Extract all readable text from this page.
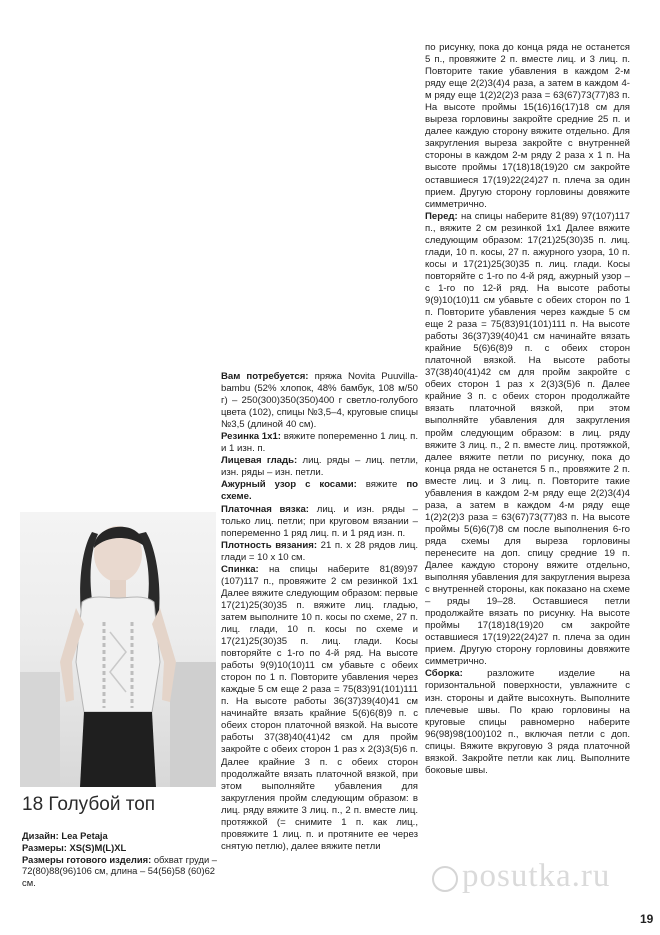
по рисунку, пока до конца ряда не останется 5 п., провяжите 2 п. вместе лиц. и 3 лиц. п. Повторите такие убавления в каждом 2-м ряду еще 2(2)3(4)4 раза, а затем в каждом 4-м ряду еще 1(2)2(2)3 раза = 63(67)73(77)83 п. На высоте проймы 15(16)16(17)18 см для выреза горловины закройте средние 25 п. и далее каждую сторону вяжите отдельно. Для закругления выреза закройте с внутренней стороны в каждом 2-м ряду 2 раза х 1 п. На высоте проймы 17(18)18(19)20 см закройте оставшиеся 17(19)22(24)27 п. плеча за один прием. Другую сторону горловины довяжите симметрично.

Перед: на спицы наберите 81(89) 97(107)117 п., вяжите 2 см резинкой 1х1 Далее вяжите следующим образом: 17(21)25(30)35 п. лиц. глади, 10 п. косы, 27 п. ажурного узора, 10 п. косы и 17(21)25(30)35 п. лиц. глади. Косы повторяйте с 1-го по 4-й ряд, ажурный узор – с 1-го по 12-й ряд. На высоте работы 9(9)10(10)11 см убавьте с обеих сторон по 1 п. Повторите убавления через каждые 5 см еще 2 раза = 75(83)91(101)111 п. На высоте работы 36(37)39(40)41 см начинайте вязать крайние 5(6)6(8)9 п. с обеих сторон платочной вязкой. На высоте работы 37(38)40(41)42 см для пройм закройте с обеих сторон 1 раз х 2(3)3(5)6 п. Далее крайние 3 п. с обеих сторон продолжайте вязать платочной вязкой, при этом выполняйте убавления для закругления пройм следующим образом: в лиц. ряду вяжите 3 лиц. п., 2 п. вместе лиц. протяжкой, далее вяжите петли по рисунку, пока до конца ряда не останется 5 п., провяжите 2 п. вместе лиц. и 3 лиц. п. Повторите такие убавления в каждом 2-м ряду еще 2(2)3(4)4 раза, а затем в каждом 4-м ряду еще 1(2)2(2)3 раза = 63(67)73(77)83 п. На высоте проймы 5(6)6(7)8 см после выполнения 6-го ряда схемы для выреза горловины перенесите на доп. спицу средние 19 п. Далее каждую сторону вяжите отдельно, выполняя убавления для закругления выреза с внутренней стороны, как показано на схеме – ряды 19–28. Оставшиеся петли продолжайте вязать по рисунку. На высоте проймы 17(18)18(19)20 см закройте оставшиеся 17(19)22(24)27 п. плеча за один прием. Другую сторону горловины довяжите симметрично.

Сборка:	разложите изделие на горизонтальной поверхности, увлажните с изн. стороны и дайте высохнуть. Выполните плечевые швы. По краю горловины на круговые спицы равномерно наберите 96(98)98(100)102 п., включая петли с доп. спицы. Вяжите вкруговую 3 ряда платочной вязкой. Закройте петли как лиц. Выполните боковые швы.

Вам потребуется: пряжа Novita Puuvilla-bambu (52% хлопок, 48% бамбук, 108 м/50 г) – 250(300)350(350)400 г светло-голубого цвета (102), спицы №3,5–4, круговые спицы №3,5 (длиной 40 см).

Резинка 1х1: вяжите попеременно 1 лиц. п. и 1 изн. п.

Лицевая гладь: лиц. ряды – лиц. петли, изн. ряды – изн. петли.

Ажурный узор с косами: вяжите по схеме.

Платочная вязка: лиц. и изн. ряды – только лиц. петли; при круговом вязании – попеременно 1 ряд лиц. п. и 1 ряд изн. п.

Плотность вязания: 21 п. х 28 рядов лиц. глади = 10 х 10 см.

Спинка: на спицы наберите 81(89)97 (107)117 п., провяжите 2 см резинкой 1х1 Далее вяжите следующим образом: первые 17(21)25(30)35 п. вяжите лиц. гладью, затем выполните 10 п. косы по схеме, 27 п. лиц. глади, 10 п. косы по схеме и 17(21)25(30)35 п. лиц. глади. Косы повторяйте с 1-го по 4-й ряд. На высоте работы 9(9)10(10)11 см убавьте с обеих сторон по 1 п. Повторите убавления через каждые 5 см еще 2 раза = 75(83)91(101)111 п. На высоте работы 36(37)39(40)41 см начинайте вязать крайние 5(6)6(8)9 п. с обеих сторон платочной вязкой. На высоте работы 37(38)40(41)42 см для пройм закройте с обеих сторон 1 раз х 2(3)3(5)6 п. Далее крайние 3 п. с обеих сторон продолжайте вязать платочной вязкой, при этом выполняйте убавления для закругления пройм следующим образом: в лиц. ряду вяжите 3 лиц. п., 2 п. вместе лиц. протяжкой (= снимите 1 п. как лиц., провяжите 1 лиц. п. и протяните ее через снятую петлю), далее вяжите петли

18 Голубой топ
Дизайн: Lea Petaja
Размеры: XS(S)M(L)XL
Размеры готового изделия: обхват груди – 72(80)88(96)106 см, длина – 54(56)58 (60)62 см.	posutka.ru
19
